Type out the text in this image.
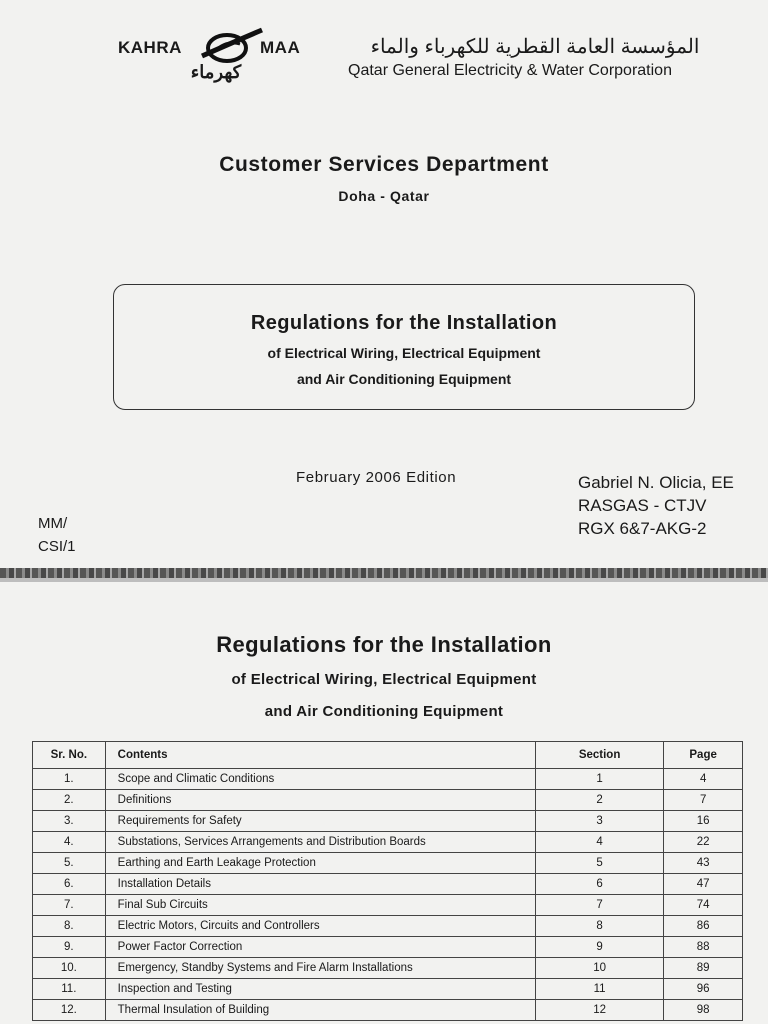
KAHRA	MAA
كهرماء
المؤسسة العامة القطرية للكهرباء والماء
Qatar General Electricity & Water Corporation
Customer Services Department
Doha - Qatar
Regulations for the Installation
of Electrical Wiring, Electrical Equipment
and Air Conditioning Equipment
February 2006 Edition	Gabriel N. Olicia, EE
RASGAS - CTJV
RGX 6&7-AKG-2
MM/
CSI/1
Regulations for the Installation
of Electrical Wiring, Electrical Equipment
and Air Conditioning Equipment
Sr. No.	Contents	Section	Page
1.	Scope and Climatic Conditions	1	4
2.	Definitions	2	7
3.	Requirements for Safety	3	16
4.	Substations, Services Arrangements and Distribution Boards	4	22
5.	Earthing and Earth Leakage Protection	5	43
6.	Installation Details	6	47
7.	Final Sub Circuits	7	74
8.	Electric Motors, Circuits and Controllers	8	86
9.	Power Factor Correction	9	88
10.	Emergency, Standby Systems and Fire Alarm Installations	10	89
11.	Inspection and Testing	11	96
12.	Thermal Insulation of Building	12	98
